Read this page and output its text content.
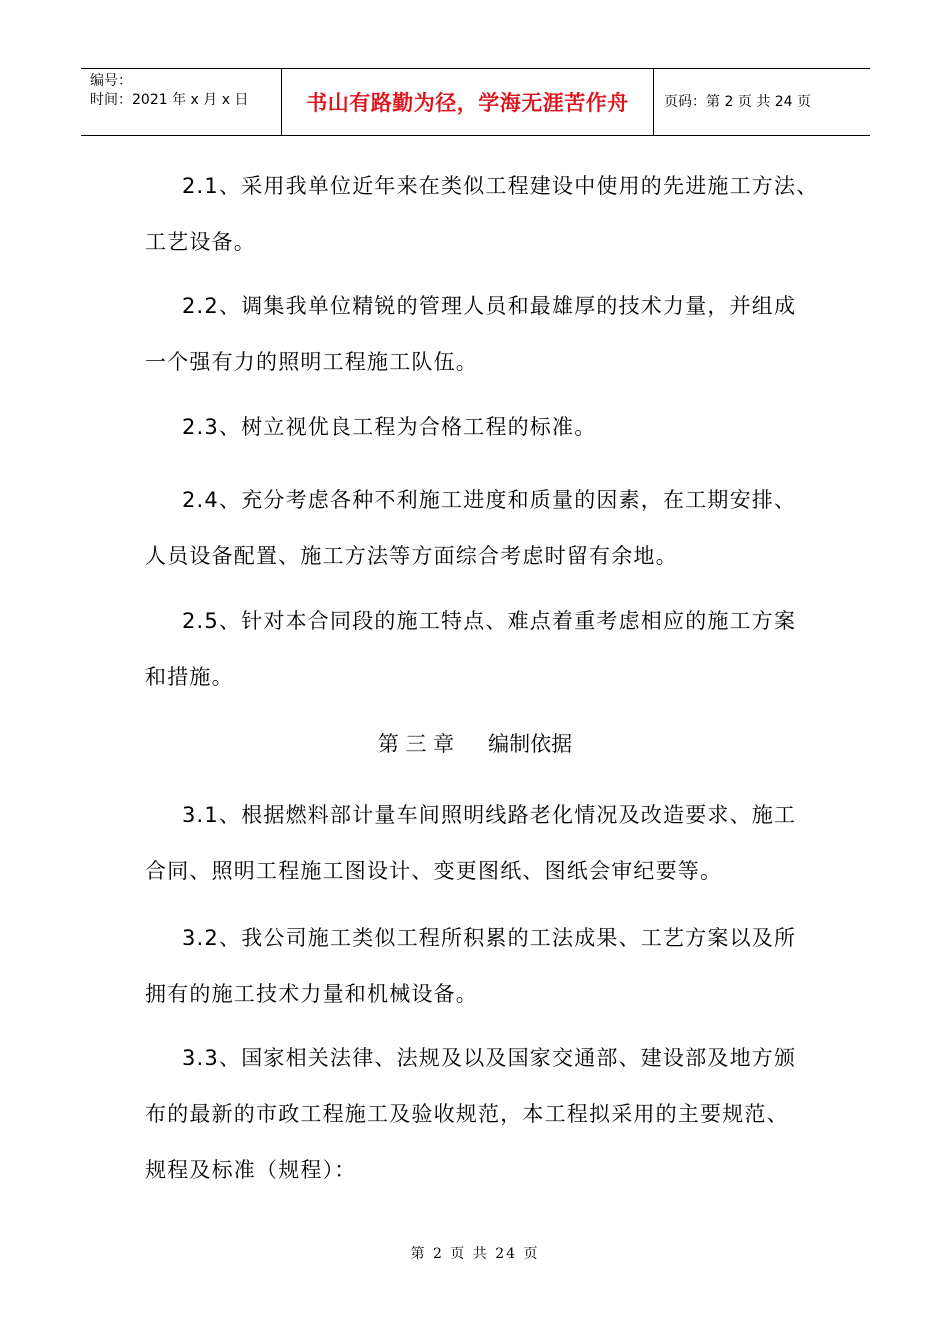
编号：
时间：2021 年 x 月 x 日	书山有路勤为径，学海无涯苦作舟	页码：第 2 页 共 24 页
2.1、采用我单位近年来在类似工程建设中使用的先进施工方法、
工艺设备。
2.2、调集我单位精锐的管理人员和最雄厚的技术力量，并组成
一个强有力的照明工程施工队伍。
2.3、树立视优良工程为合格工程的标准。
2.4、充分考虑各种不利施工进度和质量的因素，在工期安排、
人员设备配置、施工方法等方面综合考虑时留有余地。
2.5、针对本合同段的施工特点、难点着重考虑相应的施工方案
和措施。
第 三 章 编制依据
3.1、根据燃料部计量车间照明线路老化情况及改造要求、施工
合同、照明工程施工图设计、变更图纸、图纸会审纪要等。
3.2、我公司施工类似工程所积累的工法成果、工艺方案以及所
拥有的施工技术力量和机械设备。
3.3、国家相关法律、法规及以及国家交通部、建设部及地方颁
布的最新的市政工程施工及验收规范，本工程拟采用的主要规范、
规程及标准（规程）：
第 2 页 共 24 页
